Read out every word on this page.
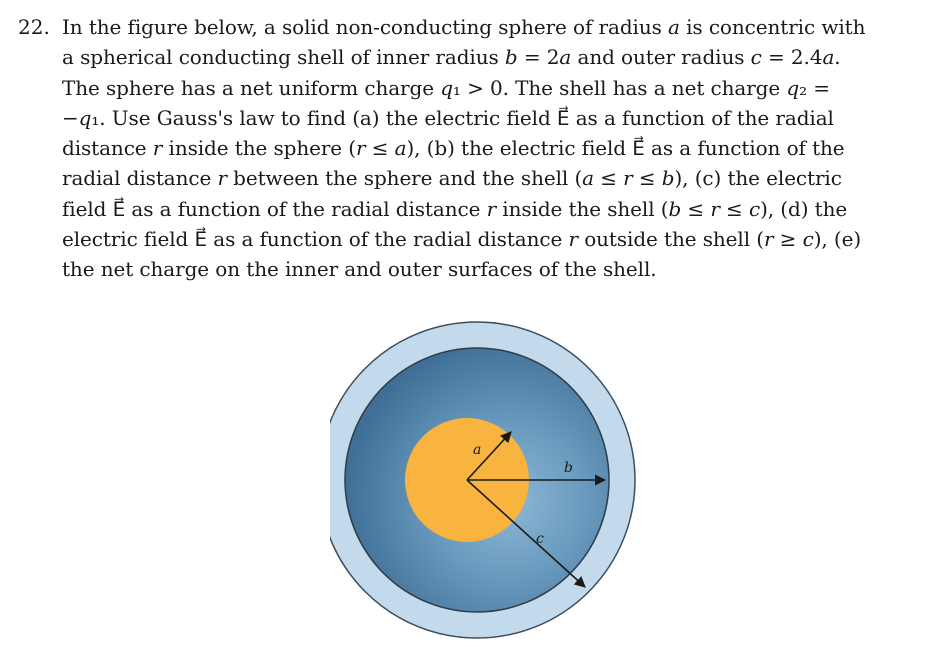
22. In the figure below, a solid non-conducting sphere of radius 𝑎 is concentric with
a spherical conducting shell of inner radius 𝑏 = 2𝑎 and outer radius 𝑐 = 2.4𝑎.
The sphere has a net uniform charge 𝑞₁ > 0. The shell has a net charge 𝑞₂ =
−𝑞₁. Use Gauss's law to find (a) the electric field E⃗ as a function of the radial
distance 𝑟 inside the sphere (𝑟 ≤ 𝑎), (b) the electric field E⃗ as a function of the
radial distance 𝑟 between the sphere and the shell (𝑎 ≤ 𝑟 ≤ 𝑏), (c) the electric
field E⃗ as a function of the radial distance 𝑟 inside the shell (𝑏 ≤ 𝑟 ≤ 𝑐), (d) the
electric field E⃗ as a function of the radial distance 𝑟 outside the shell (𝑟 ≥ 𝑐), (e)
the net charge on the inner and outer surfaces of the shell.
a
b
c
